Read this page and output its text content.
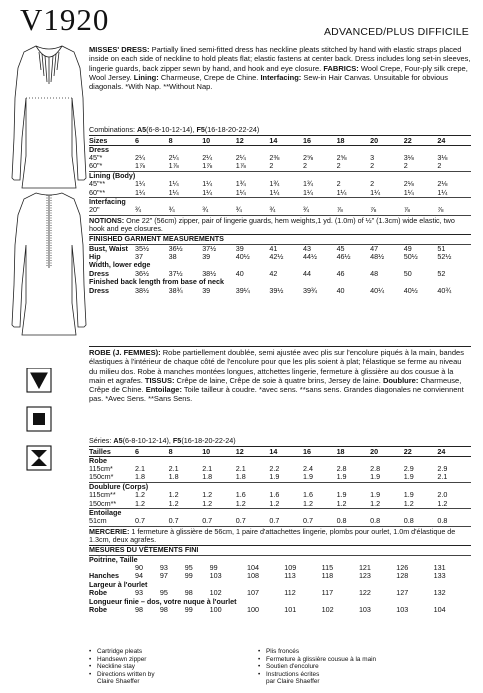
V1920	ADVANCED/PLUS DIFFICILE
MISSES' DRESS: Partially lined semi-fitted dress has neckline pleats stitched by hand with elastic straps placed inside on each side of neckline to hold pleats flat; elastic fastens at center back. Dress includes long set-in sleeves, lingerie guards, back zipper sewn by hand, and hook and eye closure. FABRICS: Wool Crepe, Four-ply silk crepe, Wool Jersey. Lining: Charmeuse, Crepe de Chine. Interfacing: Sew-in Hair Canvas. Unsuitable for obvious diagonals. *With Nap. **Without Nap.
Combinations: A5(6-8-10-12-14), F5(16-18-20-22-24)
Sizes	6	8	10	12	14	16	18	20	22	24
Dress										
45"*	2¼	2¼	2¼	2¼	2⅜	2⅝	2⅝	3	3⅛	3⅛
60"*	1⅞	1⅞	1⅞	1⅞	2	2	2	2	2	2
Lining (Body)										
45"**	1¼	1¼	1¼	1¾	1¾	1¾	2	2	2⅛	2⅛
60"**	1¼	1¼	1¼	1¼	1¼	1¼	1¼	1¼	1¼	1¼
Interfacing										
20"	¾	¾	¾	¾	¾	¾	⅞	⅞	⅞	⅞
NOTIONS: One 22" (56cm) zipper, pair of lingerie guards, hem weights,1 yd. (1.0m) of ½" (1.3cm) wide elastic, two hook and eye closures.
FINISHED GARMENT MEASUREMENTS
Bust, Waist	35½	36½	37½	39	41	43	45	47	49	51
Hip	37	38	39	40½	42½	44½	46½	48½	50½	52½
Width, lower edge										
Dress	36½	37½	38½	40	42	44	46	48	50	52
Finished back length from base of neck										
Dress	38½	38¾	39	39¼	39½	39¾	40	40¼	40½	40¾
ROBE (J. FEMMES): Robe partiellement doublée, semi ajustée avec plis sur l'encolure piqués à la main, bandes élastiques à l'intérieur de chaque côté de l'encolure pour que les plis soient à plat; l'élastique se ferme au niveau du milieu dos. Robe à manches montées longues, attchettes lingerie, fermeture à glissière au dos cousue à la main et agrafes. TISSUS: Crêpe de laine, Crêpe de soie à quatre brins, Jersey de laine. Doublure: Charmeuse, Crêpe de Chine. Entoilage: Toile tailleur à coudre. *avec sens. **sans sens. Grandes diagonales ne conviennent pas. *Avec Sens. **Sans Sens.
Séries: A5(6-8-10-12-14), F5(16-18-20-22-24)
Tailles	6	8	10	12	14	16	18	20	22	24
Robe										
115cm*	2.1	2.1	2.1	2.1	2.2	2.4	2.8	2.8	2.9	2.9
150cm*	1.8	1.8	1.8	1.8	1.9	1.9	1.9	1.9	1.9	2.1
Doublure (Corps)										
115cm**	1.2	1.2	1.2	1.6	1.6	1.6	1.9	1.9	1.9	2.0
150cm**	1.2	1.2	1.2	1.2	1.2	1.2	1.2	1.2	1.2	1.2
Entoilage										
51cm	0.7	0.7	0.7	0.7	0.7	0.7	0.8	0.8	0.8	0.8
MERCERIE: 1 fermeture à glissière de 56cm, 1 paire d'attachettes lingerie, plombs pour ourlet, 1.0m d'élastique de 1.3cm, deux agrafes.
MESURES DU VÊTEMENTS FINI
Poitrine, Taille										
	90	93	95	99	104	109	115	121	126	131
Hanches	94	97	99	103	108	113	118	123	128	133
Largeur à l'ourlet										
Robe	93	95	98	102	107	112	117	122	127	132
Longueur finie – dos, votre nuque à l'ourlet										
Robe	98	98	99	100	100	101	102	103	103	104
• Cartridge pleats
• Handsewn zipper
• Neckline stay
• Directions written by
Claire Shaeffer
• Plis froncés
• Fermeture à glissière cousue à la main
• Soutien d'encolure
• Instructions écrites
par Claire Shaeffer
